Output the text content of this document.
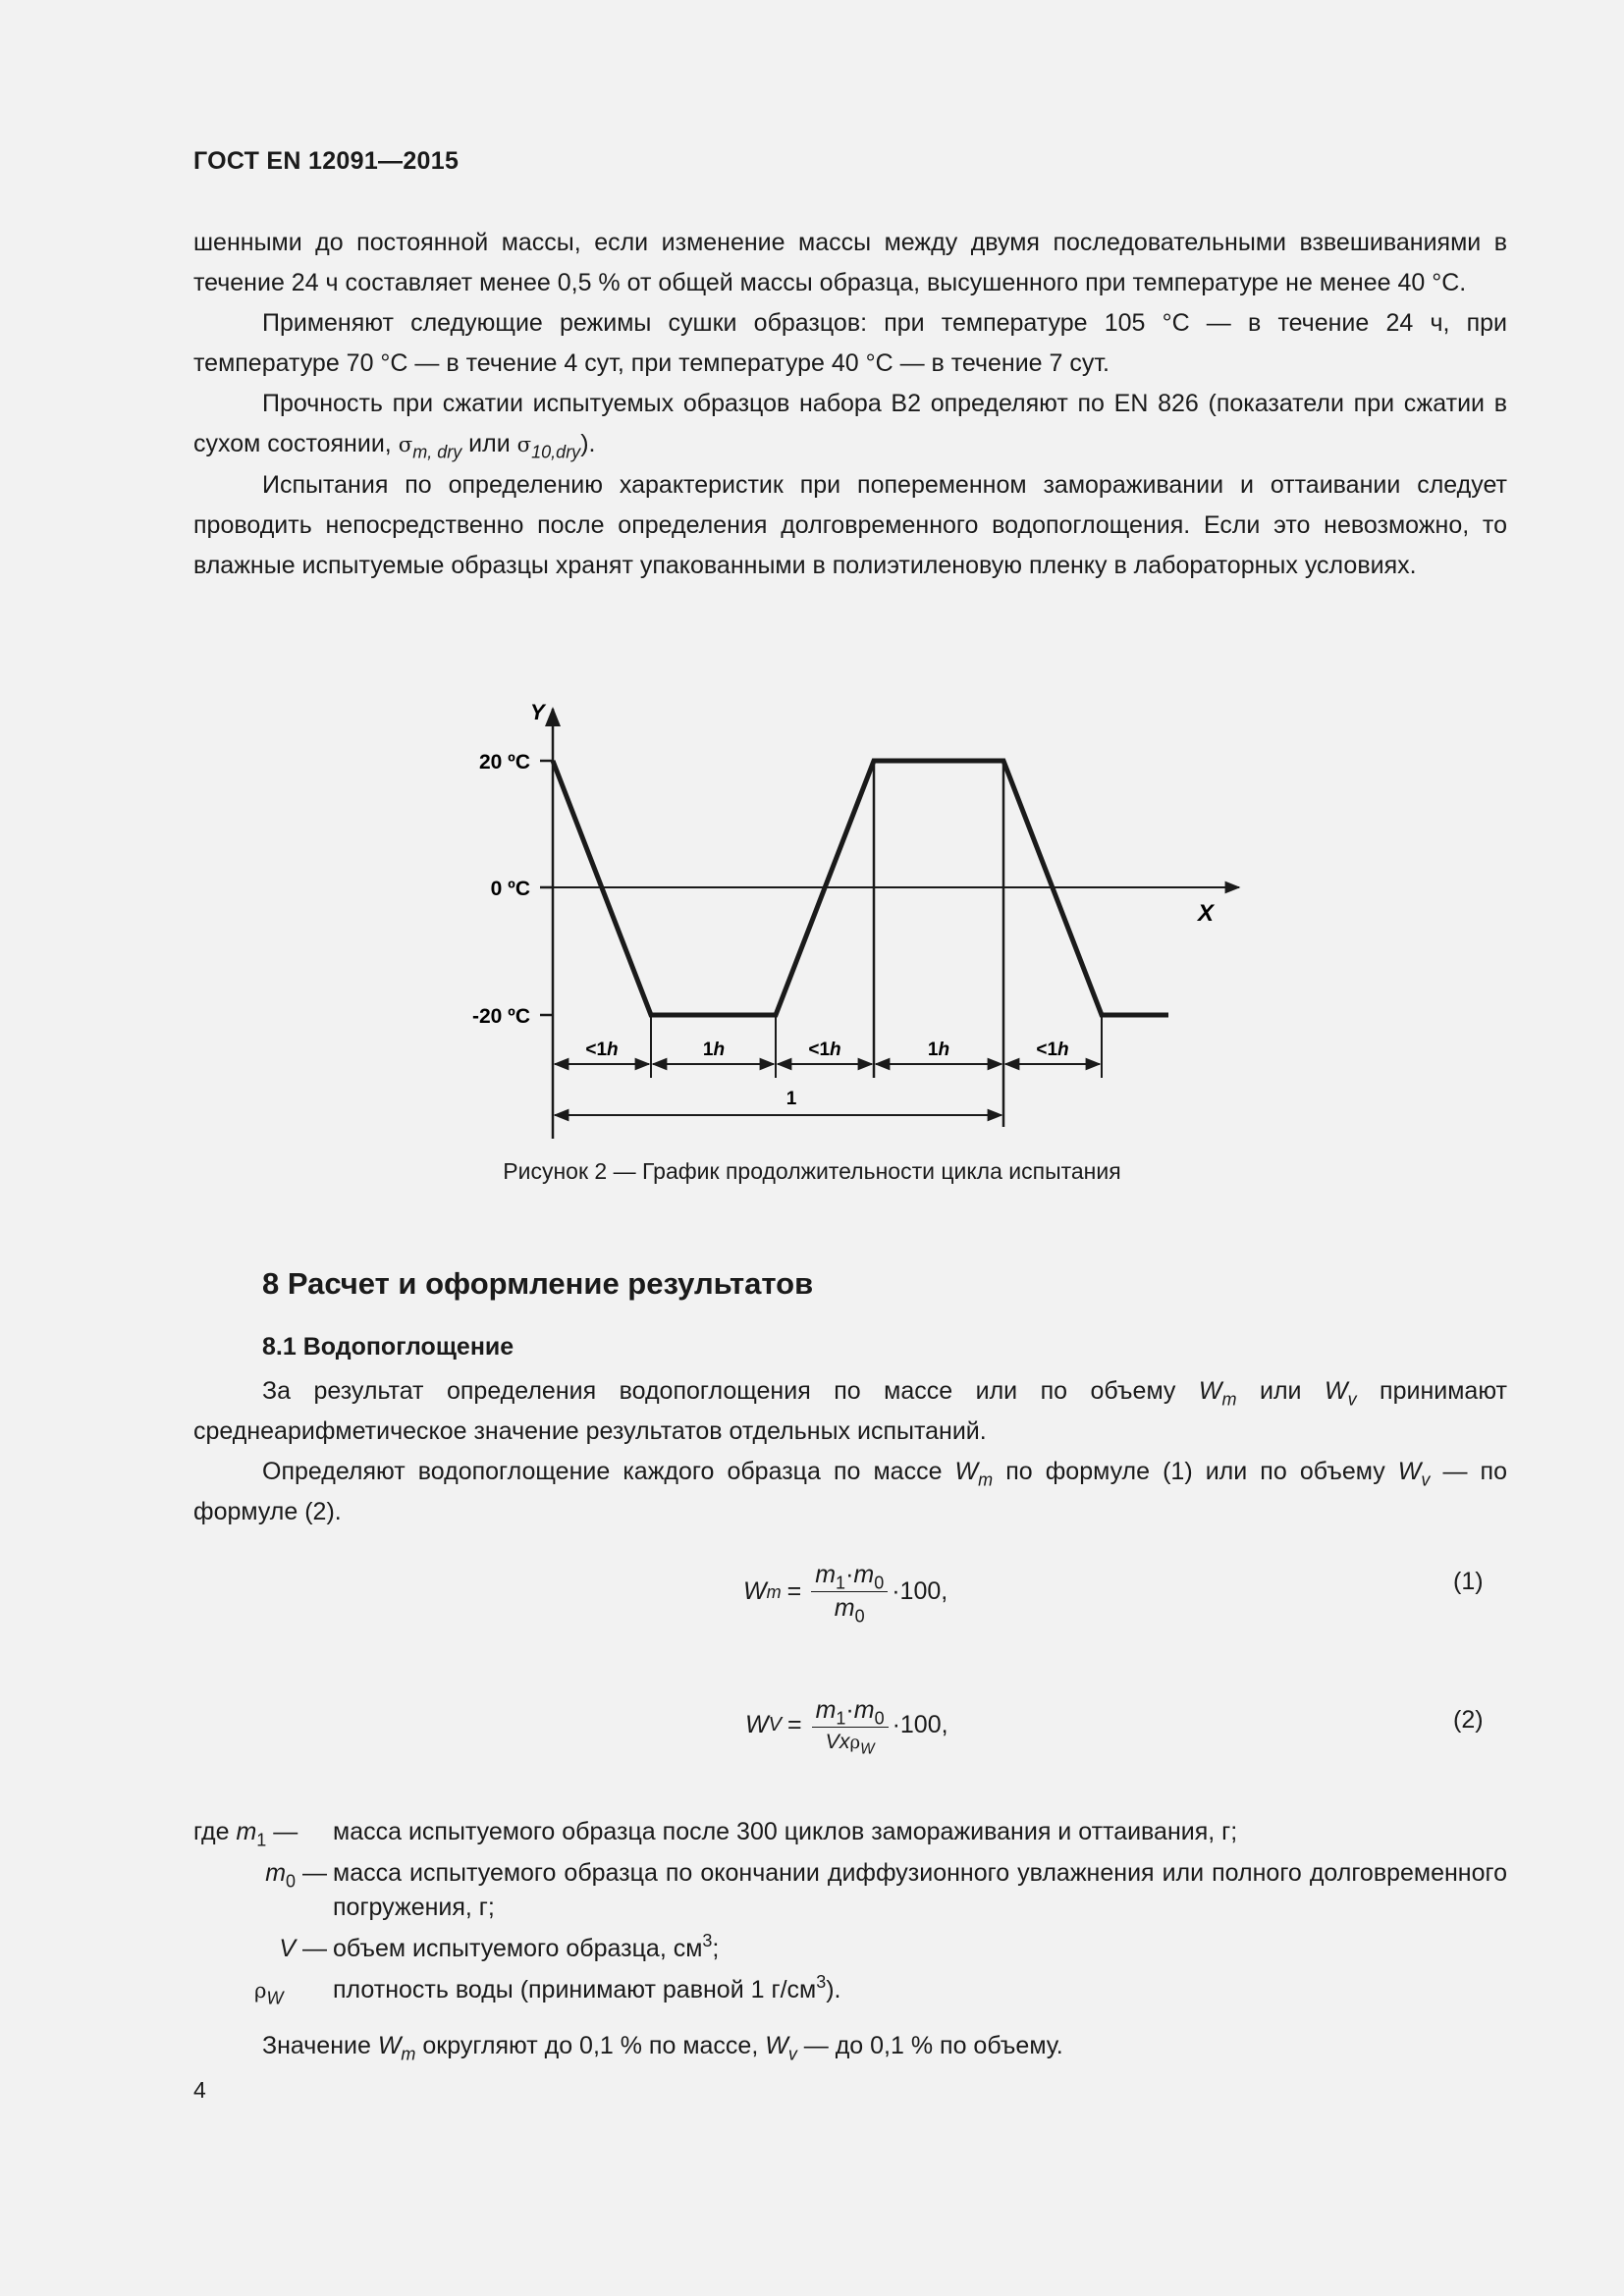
ГОСТ EN 12091—2015

шенными до постоянной массы, если изменение массы между двумя последовательными взвешиваниями в течение 24 ч составляет менее 0,5 % от общей массы образца, высушенного при температуре не менее 40 °С.

Применяют следующие режимы сушки образцов: при температуре 105 °С — в течение 24 ч, при температуре 70 °С — в течение 4 сут, при температуре 40 °С — в течение 7 сут.

Прочность при сжатии испытуемых образцов набора В2 определяют по EN 826 (показатели при сжатии в сухом состоянии, $\sigma_{m, dry}$ или $\sigma_{10,dry}$).

Испытания по определению характеристик при попеременном замораживании и оттаивании следует проводить непосредственно после определения долговременного водопоглощения. Если это невозможно, то влажные испытуемые образцы хранят упакованными в полиэтиленовую пленку в лабораторных условиях.

Y
X
20 ºС
0 ºС
-20 ºС
<1h	1h	<1h	1h	<1h
1
Рисунок 2 — График продолжительности цикла испытания
8 Расчет и оформление результатов
8.1 Водопоглощение

За результат определения водопоглощения по массе или по объему $W_m$ или $W_v$ принимают среднеарифметическое значение результатов отдельных испытаний.

Определяют водопоглощение каждого образца по массе $W_m$ по формуле (1) или по объему $W_v$ — по формуле (2).

W $m = \frac{m_1\cdot m_0}{m_0} \cdot 100$,	(1)
W $V = \frac{m_1\cdot m_0}{Vx\rho_W} \cdot 100$,	(2)
где $m_1$ —	масса испытуемого образца после 300 циклов замораживания и оттаивания, г;
$m_0$ — масса испытуемого образца по окончании диффузионного увлажнения или полного долговременного погружения, г;
V — объем испытуемого образца, $см^3$;
$\rho_W$	плотность воды (принимают равной 1 $г/см^3$).
Значение $W_m$ округляют до 0,1 % по массе, $W_v$ — до 0,1 % по объему.
4
